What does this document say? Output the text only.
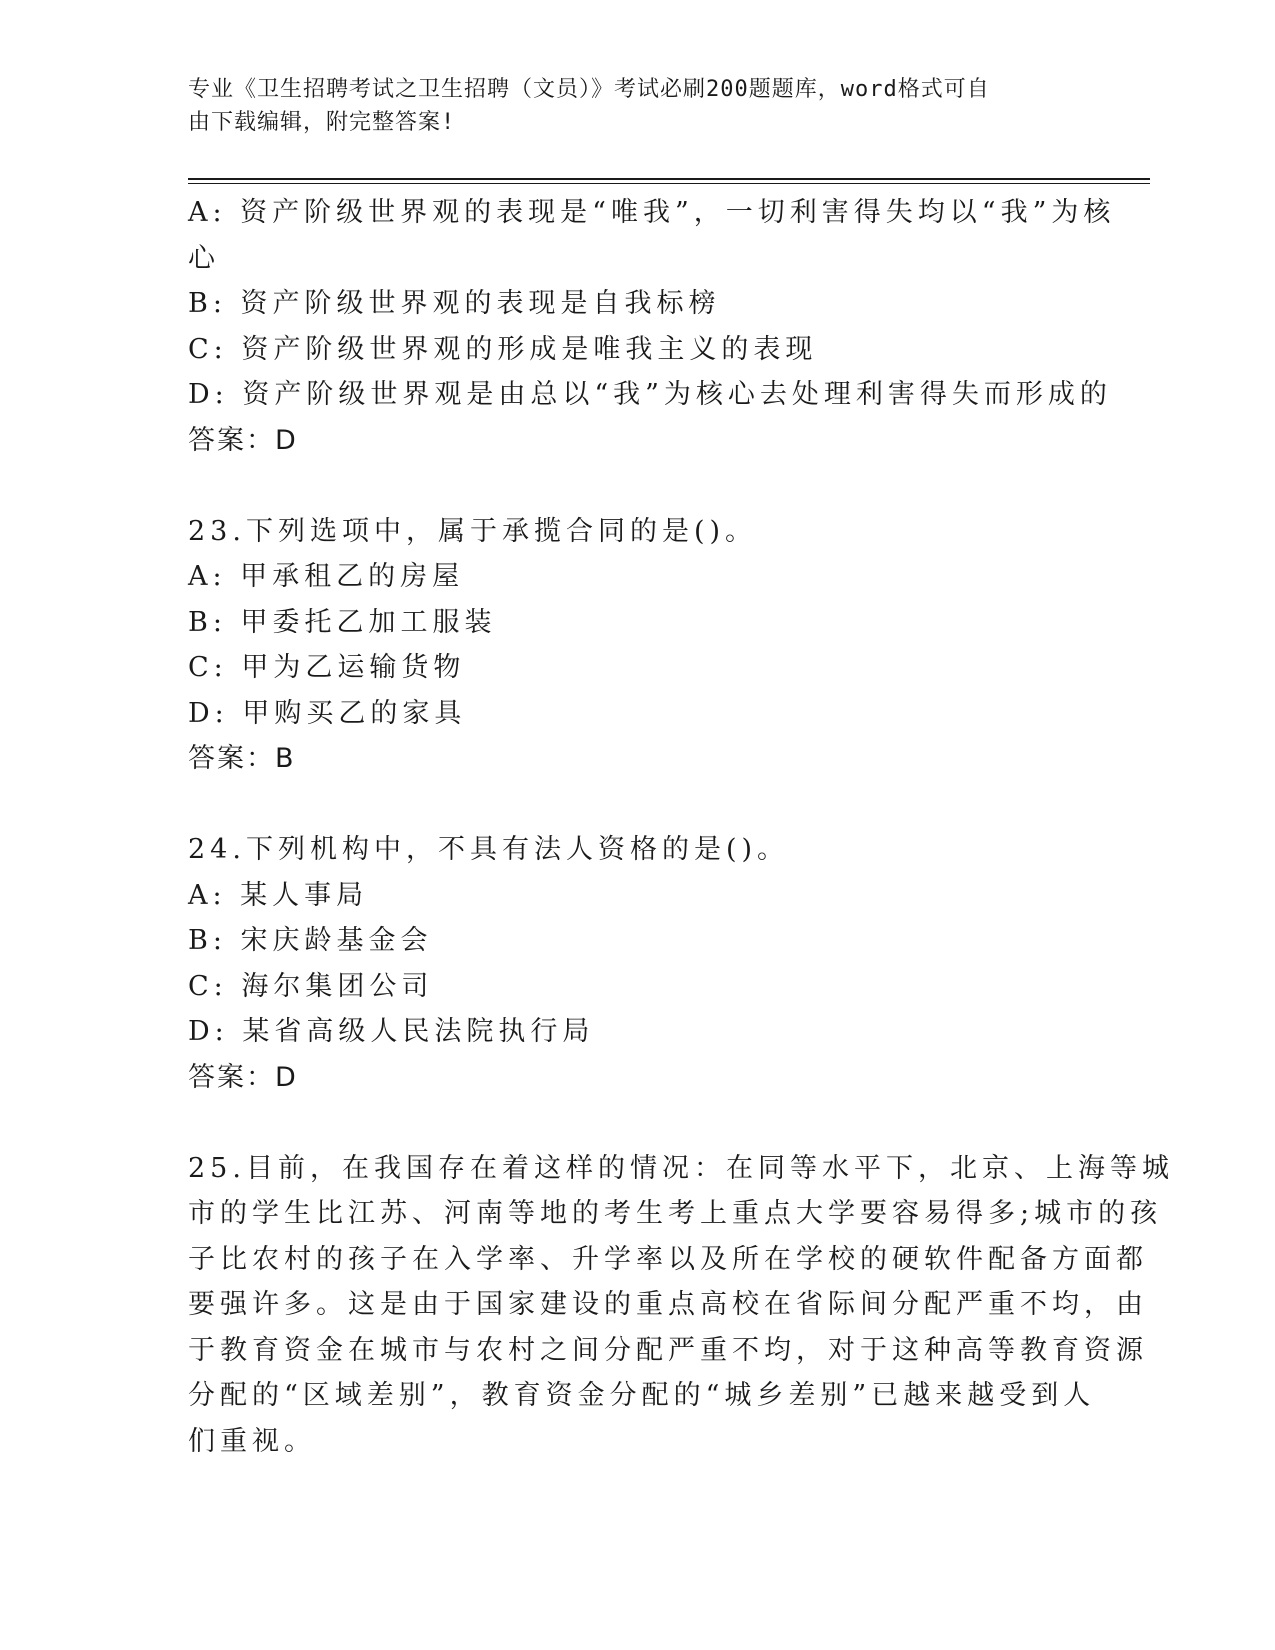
专业《卫生招聘考试之卫生招聘（文员）》考试必刷200题题库，word格式可自
由下载编辑，附完整答案!

A: 资产阶级世界观的表现是“唯我”，一切利害得失均以“我”为核

心

B: 资产阶级世界观的表现是自我标榜

C: 资产阶级世界观的形成是唯我主义的表现

D: 资产阶级世界观是由总以“我”为核心去处理利害得失而形成的

答案：D

23.下列选项中，属于承揽合同的是()。

A: 甲承租乙的房屋

B: 甲委托乙加工服装

C: 甲为乙运输货物

D: 甲购买乙的家具

答案：B

24.下列机构中，不具有法人资格的是()。

A: 某人事局

B: 宋庆龄基金会

C: 海尔集团公司

D: 某省高级人民法院执行局

答案：D

25.目前，在我国存在着这样的情况：在同等水平下，北京、上海等城

市的学生比江苏、河南等地的考生考上重点大学要容易得多;城市的孩

子比农村的孩子在入学率、升学率以及所在学校的硬软件配备方面都

要强许多。这是由于国家建设的重点高校在省际间分配严重不均，由

于教育资金在城市与农村之间分配严重不均，对于这种高等教育资源

分配的“区域差别”，教育资金分配的“城乡差别”已越来越受到人

们重视。
